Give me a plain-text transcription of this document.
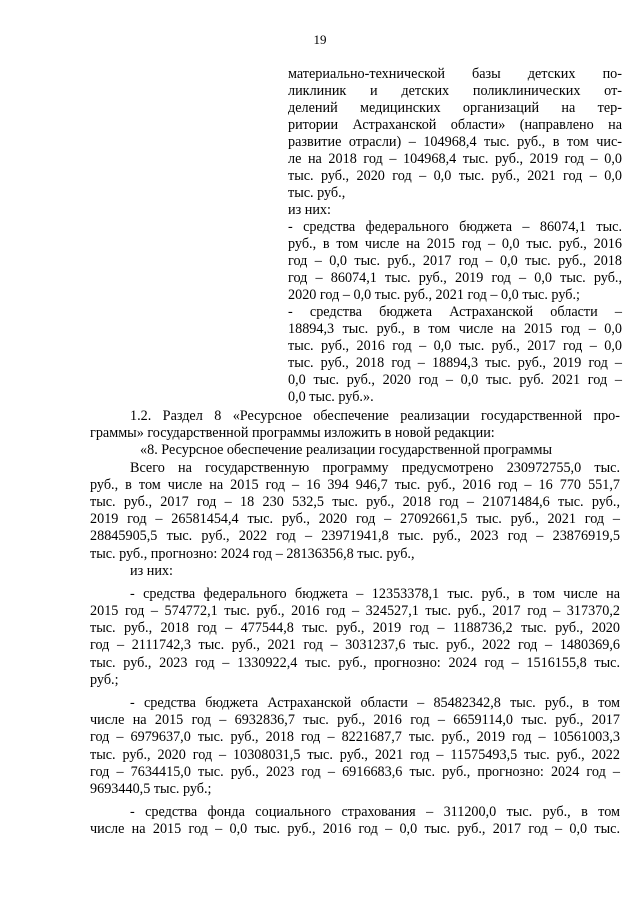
19
материально-технической базы детских по-
ликлиник и детских поликлинических от-
делений медицинских организаций на тер-
ритории Астраханской области» (направлено на
развитие отрасли) – 104968,4 тыс. руб., в том чис-
ле на 2018 год – 104968,4 тыс. руб., 2019 год – 0,0
тыс. руб., 2020 год – 0,0 тыс. руб., 2021 год – 0,0
тыс. руб.,
из них:
- средства федерального бюджета – 86074,1 тыс.
руб., в том числе на 2015 год – 0,0 тыс. руб., 2016
год – 0,0 тыс. руб., 2017 год – 0,0 тыс. руб., 2018
год – 86074,1 тыс. руб., 2019 год – 0,0 тыс. руб.,
2020 год – 0,0 тыс. руб., 2021 год – 0,0 тыс. руб.;
- средства бюджета Астраханской области –
18894,3 тыс. руб., в том числе на 2015 год – 0,0
тыс. руб., 2016 год – 0,0 тыс. руб., 2017 год – 0,0
тыс. руб., 2018 год – 18894,3 тыс. руб., 2019 год –
0,0 тыс. руб., 2020 год – 0,0 тыс. руб. 2021 год –
0,0 тыс. руб.».
1.2. Раздел 8 «Ресурсное обеспечение реализации государственной про-
граммы» государственной программы изложить в новой редакции:
«8. Ресурсное обеспечение реализации государственной программы
Всего на государственную программу предусмотрено 230972755,0 тыс.
руб., в том числе на 2015 год – 16 394 946,7 тыс. руб., 2016 год – 16 770 551,7
тыс. руб., 2017 год – 18 230 532,5 тыс. руб., 2018 год – 21071484,6 тыс. руб.,
2019 год – 26581454,4 тыс. руб., 2020 год – 27092661,5 тыс. руб., 2021 год –
28845905,5 тыс. руб., 2022 год – 23971941,8 тыс. руб., 2023 год – 23876919,5
тыс. руб., прогнозно: 2024 год – 28136356,8 тыс. руб.,
из них:
- средства федерального бюджета – 12353378,1 тыс. руб., в том числе на
2015 год – 574772,1 тыс. руб., 2016 год – 324527,1 тыс. руб., 2017 год – 317370,2
тыс. руб., 2018 год – 477544,8 тыс. руб., 2019 год – 1188736,2 тыс. руб., 2020
год – 2111742,3 тыс. руб., 2021 год – 3031237,6 тыс. руб., 2022 год – 1480369,6
тыс. руб., 2023 год – 1330922,4 тыс. руб., прогнозно: 2024 год – 1516155,8 тыс.
руб.;
- средства бюджета Астраханской области – 85482342,8 тыс. руб., в том
числе на 2015 год – 6932836,7 тыс. руб., 2016 год – 6659114,0 тыс. руб., 2017
год – 6979637,0 тыс. руб., 2018 год – 8221687,7 тыс. руб., 2019 год – 10561003,3
тыс. руб., 2020 год – 10308031,5 тыс. руб., 2021 год – 11575493,5 тыс. руб., 2022
год – 7634415,0 тыс. руб., 2023 год – 6916683,6 тыс. руб., прогнозно: 2024 год –
9693440,5 тыс. руб.;
- средства фонда социального страхования – 311200,0 тыс. руб., в том
числе на 2015 год – 0,0 тыс. руб., 2016 год – 0,0 тыс. руб., 2017 год – 0,0 тыс.
